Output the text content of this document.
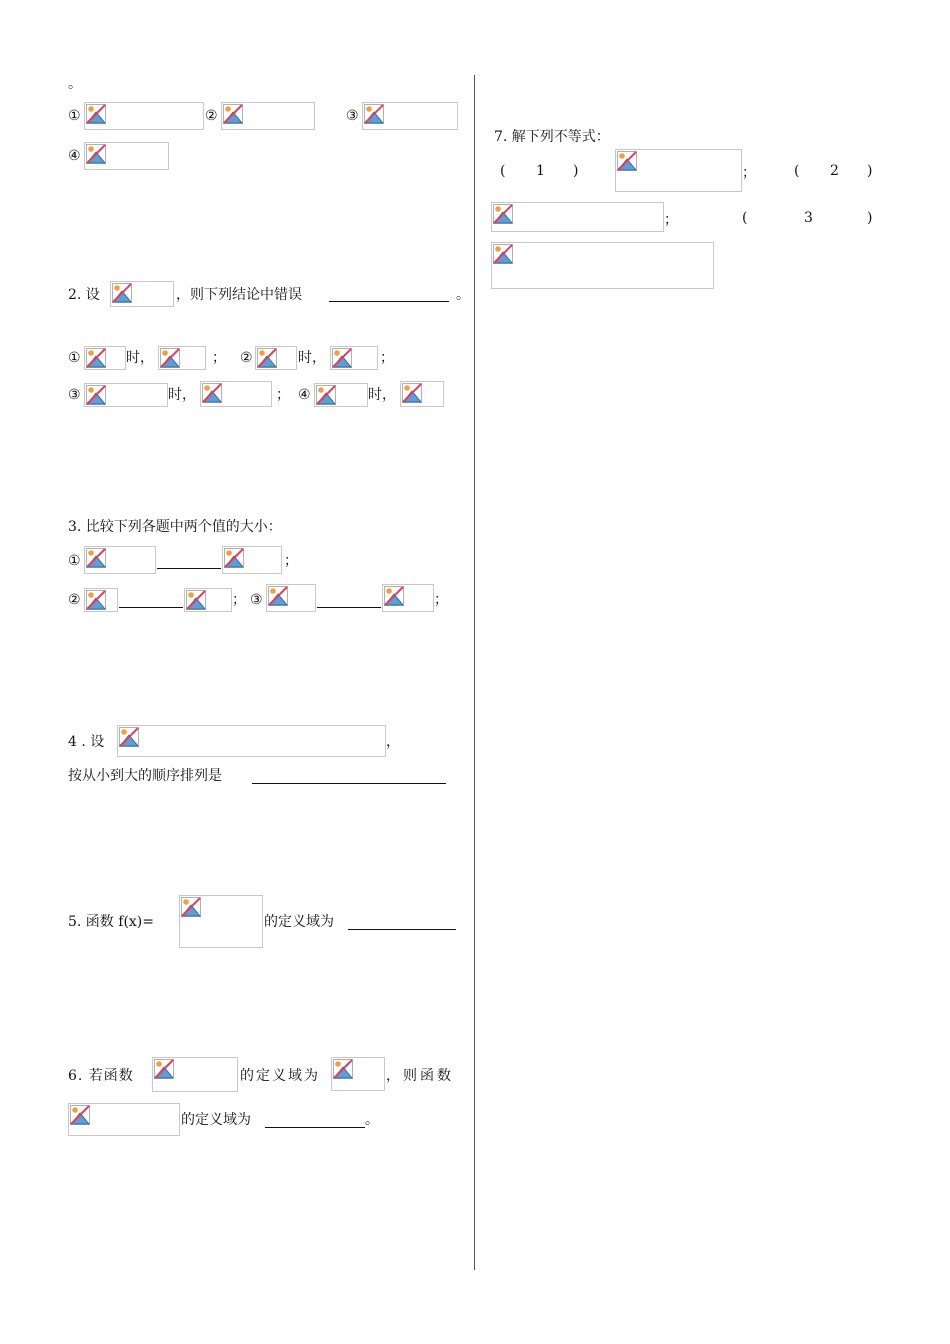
。
①	②	③
④
2. 设	，则下列结论中错误	。
①	时，	； ②	时，	；
③	时，	； ④	时，
3. 比较下列各题中两个值的大小：
①	；
②	； ③	；
4 . 设	，
按从小到大的顺序排列是
5. 函数 f(x)=	的定义域为
6. 若函数	的定义域为	，则函数
的定义域为	。
7. 解下列不等式：
( 1 )	；	( 2 )
；	(	3	)
